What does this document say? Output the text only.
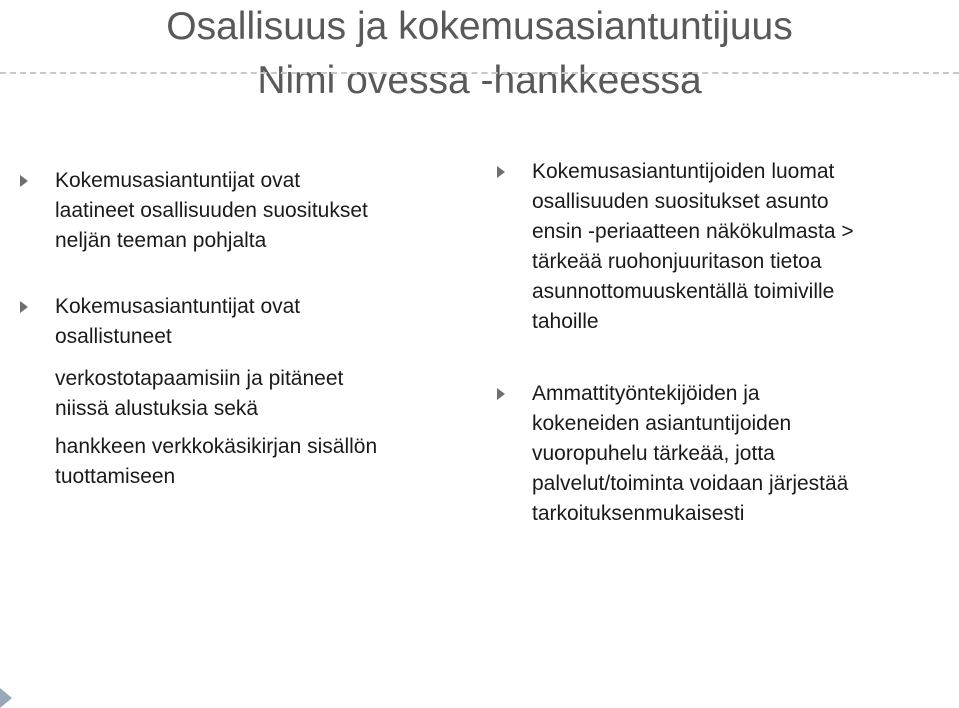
Osallisuus ja kokemusasiantuntijuus
Nimi ovessa -hankkeessa
Kokemusasiantuntijat ovat
laatineet osallisuuden suositukset
neljän teeman pohjalta
Kokemusasiantuntijat ovat
osallistuneet
verkostotapaamisiin ja pitäneet
niissä alustuksia sekä
hankkeen verkkokäsikirjan sisällön
tuottamiseen
Kokemusasiantuntijoiden luomat
osallisuuden suositukset asunto
ensin -periaatteen näkökulmasta >
tärkeää ruohonjuuritason tietoa
asunnottomuuskentällä toimiville
tahoille
Ammattityöntekijöiden ja
kokeneiden asiantuntijoiden
vuoropuhelu tärkeää, jotta
palvelut/toiminta voidaan järjestää
tarkoituksenmukaisesti
